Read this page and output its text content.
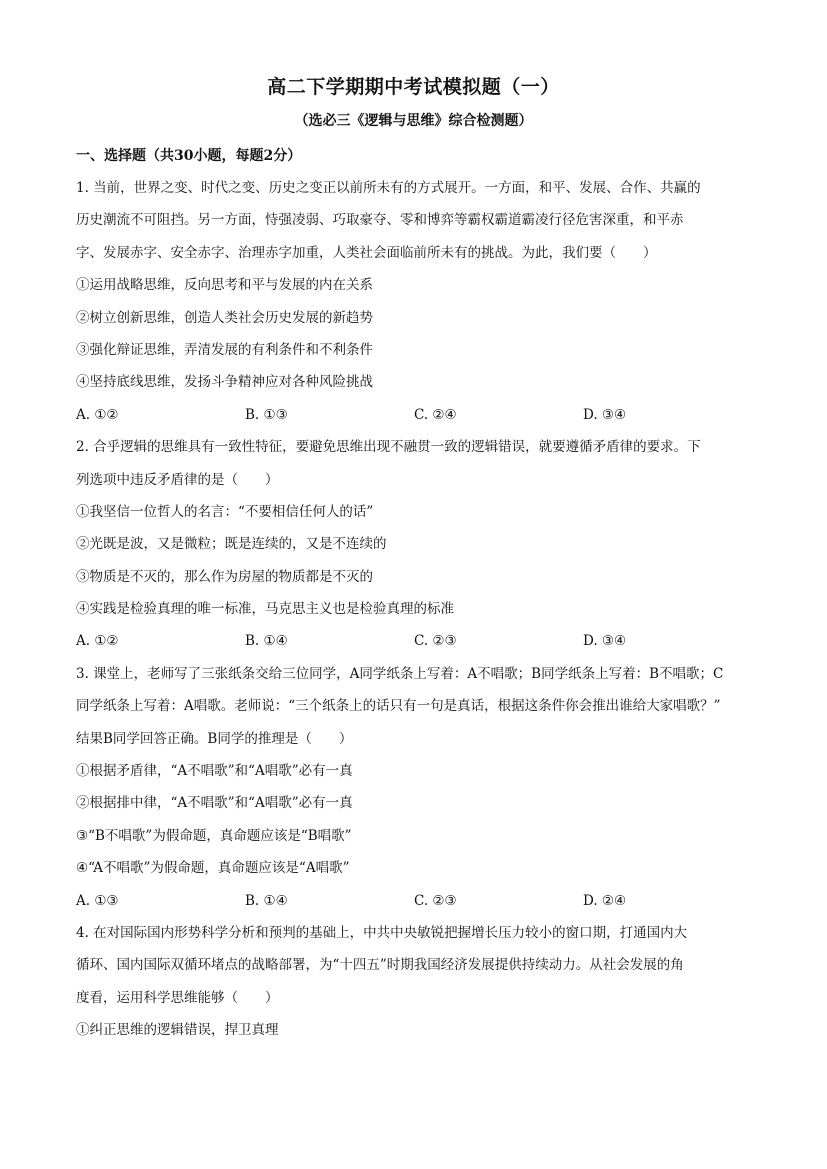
高二下学期期中考试模拟题（一）
（选必三《逻辑与思维》综合检测题）
一、选择题（共30小题，每题2分）
1. 当前，世界之变、时代之变、历史之变正以前所未有的方式展开。一方面，和平、发展、合作、共赢的
历史潮流不可阻挡。另一方面，恃强凌弱、巧取豪夺、零和博弈等霸权霸道霸凌行径危害深重，和平赤
字、发展赤字、安全赤字、治理赤字加重，人类社会面临前所未有的挑战。为此，我们要（　　）
①运用战略思维，反向思考和平与发展的内在关系
②树立创新思维，创造人类社会历史发展的新趋势
③强化辩证思维，弄清发展的有利条件和不利条件
④坚持底线思维，发扬斗争精神应对各种风险挑战
A. ①②	B. ①③	C. ②④	D. ③④
2. 合乎逻辑的思维具有一致性特征，要避免思维出现不融贯一致的逻辑错误，就要遵循矛盾律的要求。下
列选项中违反矛盾律的是（　　）
①我坚信一位哲人的名言：“不要相信任何人的话”
②光既是波，又是微粒；既是连续的，又是不连续的
③物质是不灭的，那么作为房屋的物质都是不灭的
④实践是检验真理的唯一标准，马克思主义也是检验真理的标准
A. ①②	B. ①④	C. ②③	D. ③④
3. 课堂上，老师写了三张纸条交给三位同学，A同学纸条上写着：A不唱歌；B同学纸条上写着：B不唱歌；C
同学纸条上写着：A唱歌。老师说：“三个纸条上的话只有一句是真话，根据这条件你会推出谁给大家唱歌？”
结果B同学回答正确。B同学的推理是（　　）
①根据矛盾律，“A不唱歌”和“A唱歌”必有一真
②根据排中律，“A不唱歌”和“A唱歌”必有一真
③“B不唱歌”为假命题，真命题应该是“B唱歌”
④“A不唱歌”为假命题，真命题应该是“A唱歌”
A. ①③	B. ①④	C. ②③	D. ②④
4. 在对国际国内形势科学分析和预判的基础上，中共中央敏锐把握增长压力较小的窗口期，打通国内大
循环、国内国际双循环堵点的战略部署，为“十四五”时期我国经济发展提供持续动力。从社会发展的角
度看，运用科学思维能够（　　）
①纠正思维的逻辑错误，捍卫真理
